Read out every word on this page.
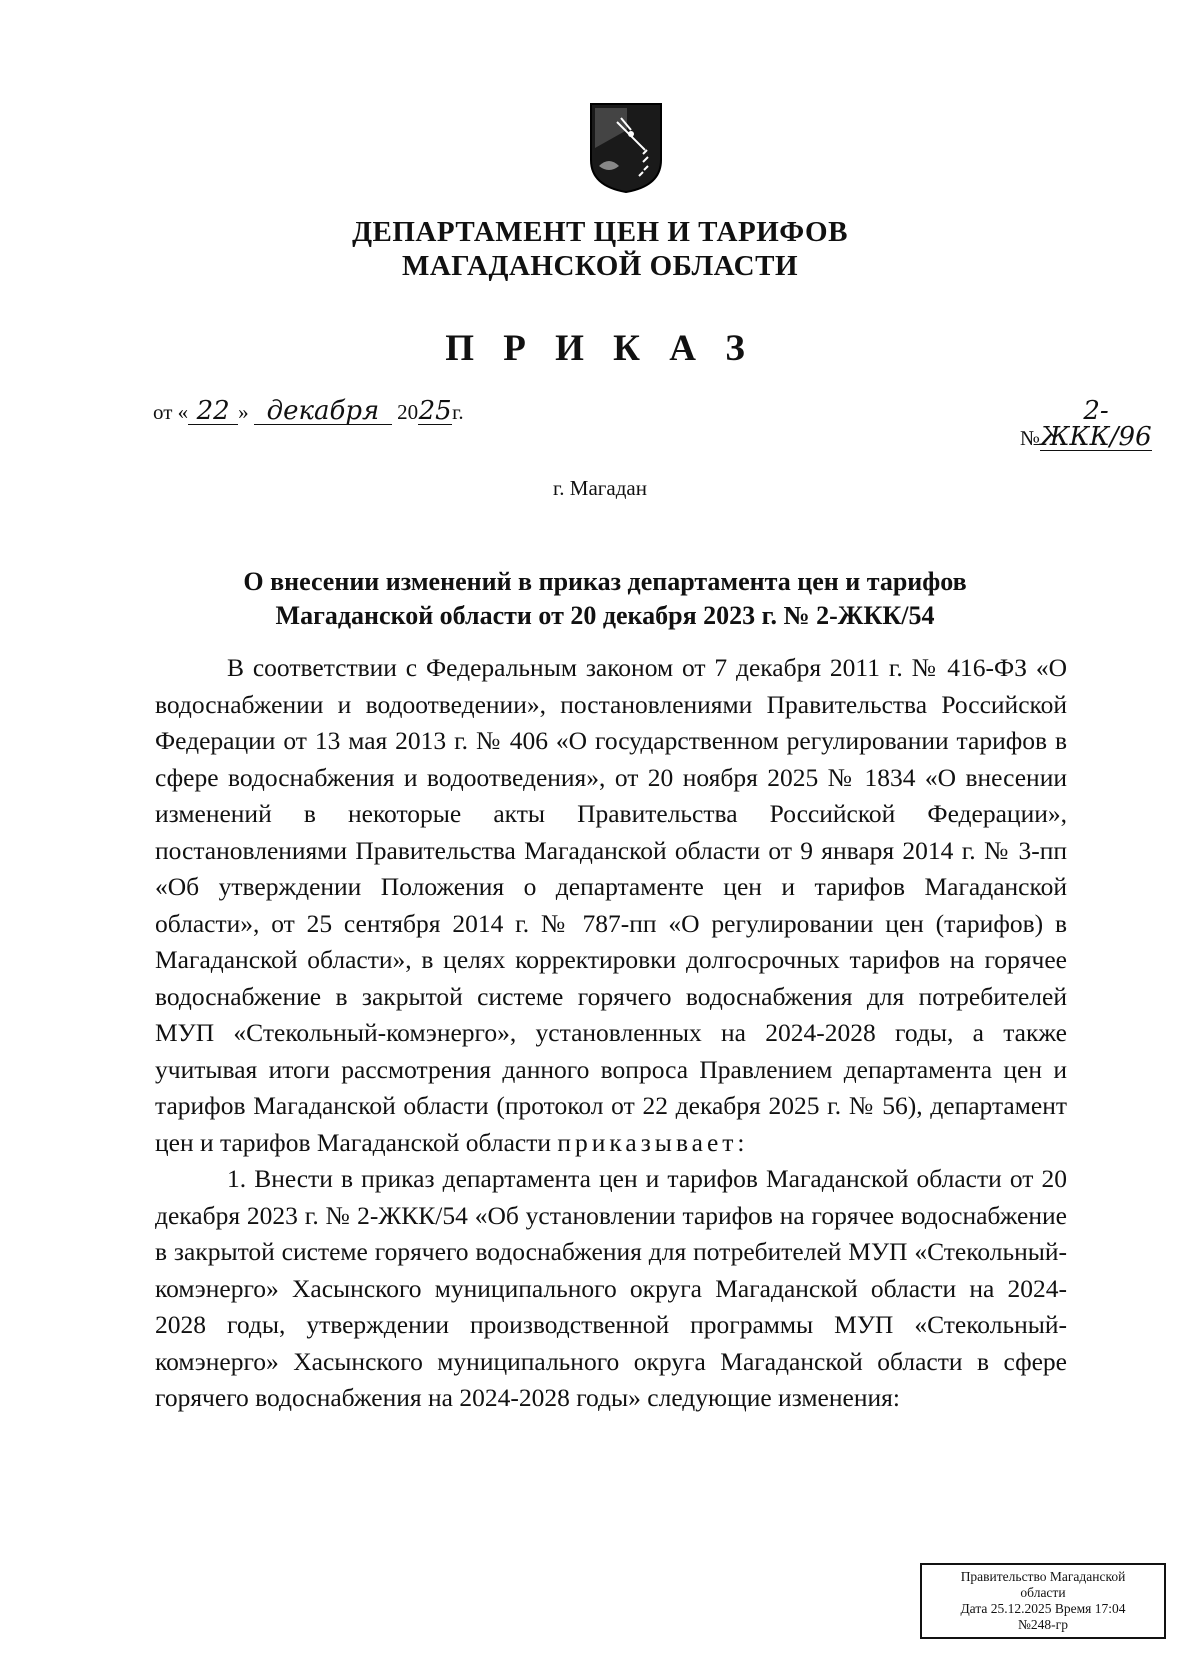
ДЕПАРТАМЕНТ ЦЕН И ТАРИФОВ
МАГАДАНСКОЙ ОБЛАСТИ
П Р И К А З
от « 22 » декабря 2025г.
№2-ЖКК/96
г. Магадан
О внесении изменений в приказ департамента цен и тарифов
Магаданской области от 20 декабря 2023 г. № 2-ЖКК/54

В соответствии с Федеральным законом от 7 декабря 2011 г. № 416-ФЗ «О водоснабжении и водоотведении», постановлениями Правительства Российской Федерации от 13 мая 2013 г. № 406 «О государственном регулировании тарифов в сфере водоснабжения и водоотведения», от 20 ноября 2025 № 1834 «О внесении изменений в некоторые акты Правительства Российской Федерации», постановлениями Правительства Магаданской области от 9 января 2014 г. № 3-пп «Об утверждении Положения о департаменте цен и тарифов Магаданской области», от 25 сентября 2014 г. № 787-пп «О регулировании цен (тарифов) в Магаданской области», в целях корректировки долгосрочных тарифов на горячее водоснабжение в закрытой системе горячего водоснабжения для потребителей МУП «Стекольный-комэнерго», установленных на 2024-2028 годы, а также учитывая итоги рассмотрения данного вопроса Правлением департамента цен и тарифов Магаданской области (протокол от 22 декабря 2025 г. № 56), департамент цен и тарифов Магаданской области приказывает:

1. Внести в приказ департамента цен и тарифов Магаданской области от 20 декабря 2023 г. № 2-ЖКК/54 «Об установлении тарифов на горячее водоснабжение в закрытой системе горячего водоснабжения для потребителей МУП «Стекольный-комэнерго» Хасынского муниципального округа Магаданской области на 2024-2028 годы, утверждении производственной программы МУП «Стекольный-комэнерго» Хасынского муниципального округа Магаданской области в сфере горячего водоснабжения на 2024-2028 годы» следующие изменения:

Правительство Магаданской
области
Дата 25.12.2025 Время 17:04
№248-гр
